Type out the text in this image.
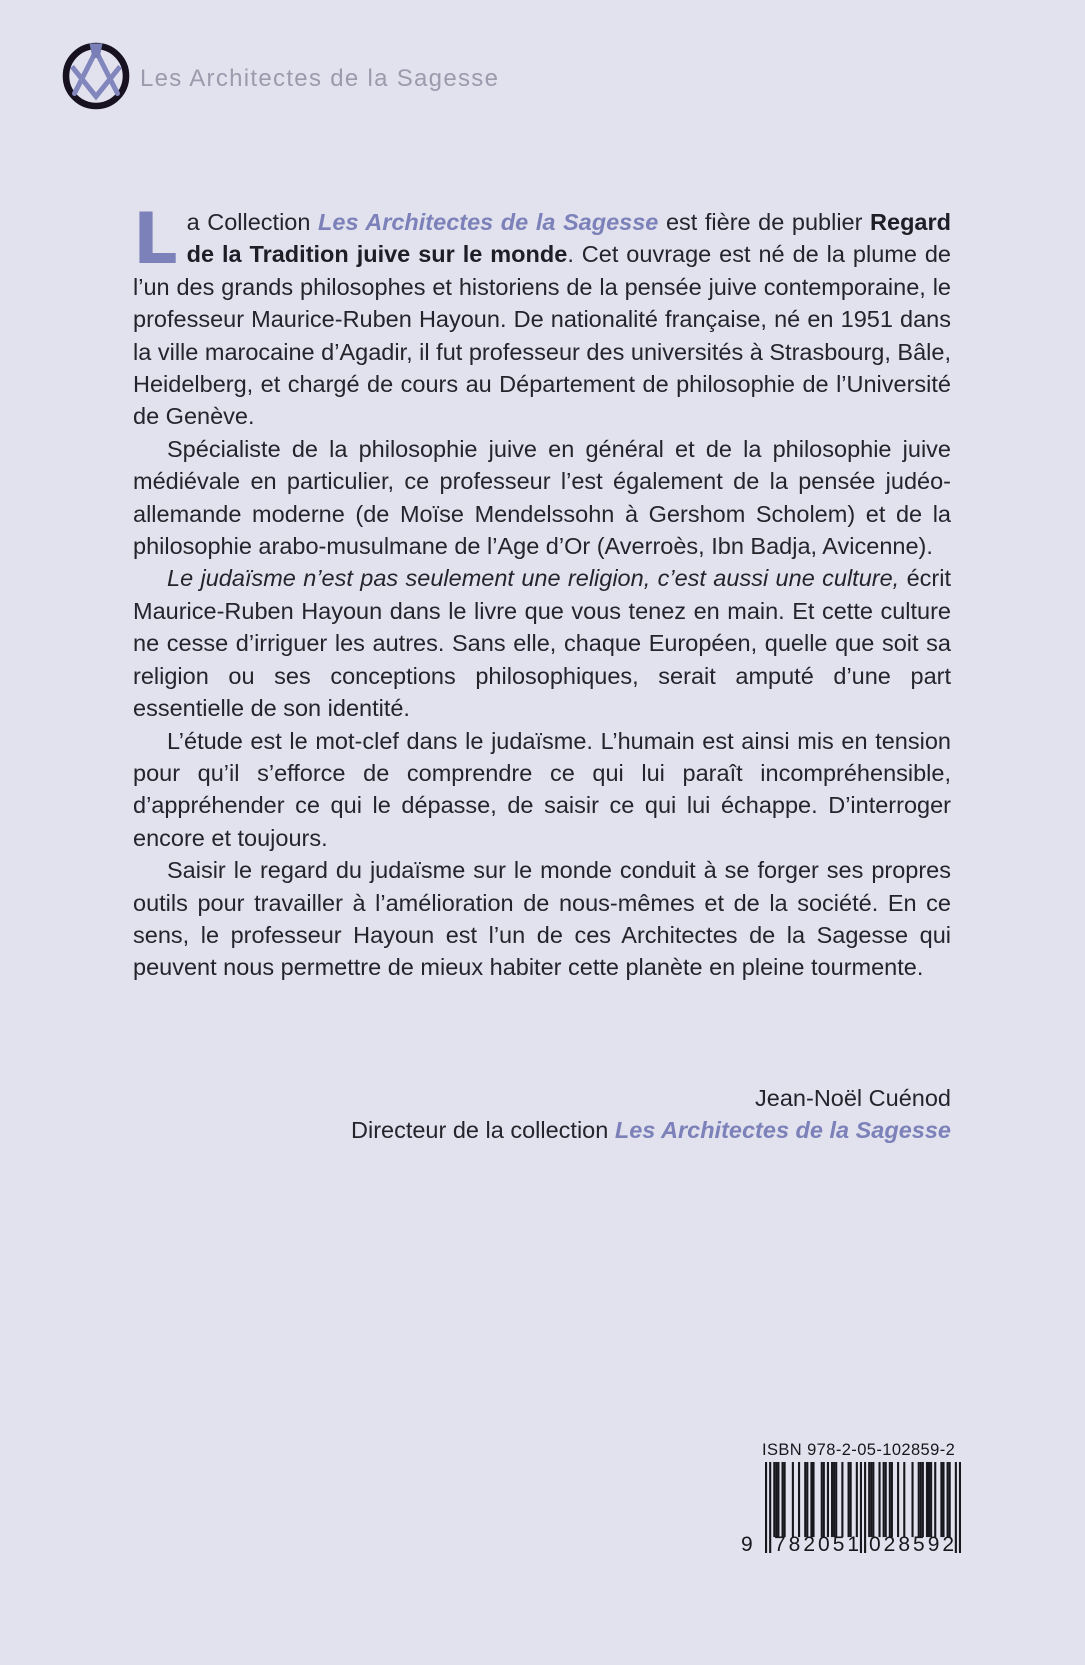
Les Architectes de la Sagesse

La Collection Les Architectes de la Sagesse est fière de publier Regard de la Tradition juive sur le monde. Cet ouvrage est né de la plume de l’un des grands philosophes et historiens de la pensée juive contemporaine, le professeur Maurice-Ruben Hayoun. De nationalité française, né en 1951 dans la ville marocaine d’Agadir, il fut professeur des universités à Strasbourg, Bâle, Heidelberg, et chargé de cours au Département de philosophie de l’Université de Genève.

Spécialiste de la philosophie juive en général et de la philosophie juive médiévale en particulier, ce professeur l’est également de la pensée judéo-allemande moderne (de Moïse Mendelssohn à Gershom Scholem) et de la philosophie arabo-musulmane de l’Age d’Or (Averroès, Ibn Badja, Avicenne).

Le judaïsme n’est pas seulement une religion, c’est aussi une culture, écrit Maurice-Ruben Hayoun dans le livre que vous tenez en main. Et cette culture ne cesse d’irriguer les autres. Sans elle, chaque Européen, quelle que soit sa religion ou ses conceptions philosophiques, serait amputé d’une part essentielle de son identité.

L’étude est le mot-clef dans le judaïsme. L’humain est ainsi mis en tension pour qu’il s’efforce de comprendre ce qui lui paraît incompréhensible, d’appréhender ce qui le dépasse, de saisir ce qui lui échappe. D’interroger encore et toujours.

Saisir le regard du judaïsme sur le monde conduit à se forger ses propres outils pour travailler à l’amélioration de nous-mêmes et de la société. En ce sens, le professeur Hayoun est l’un de ces Architectes de la Sagesse qui peuvent nous permettre de mieux habiter cette planète en pleine tourmente.

Jean-Noël Cuénod
Directeur de la collection Les Architectes de la Sagesse
ISBN 978-2-05-102859-2
9 782051 028592
